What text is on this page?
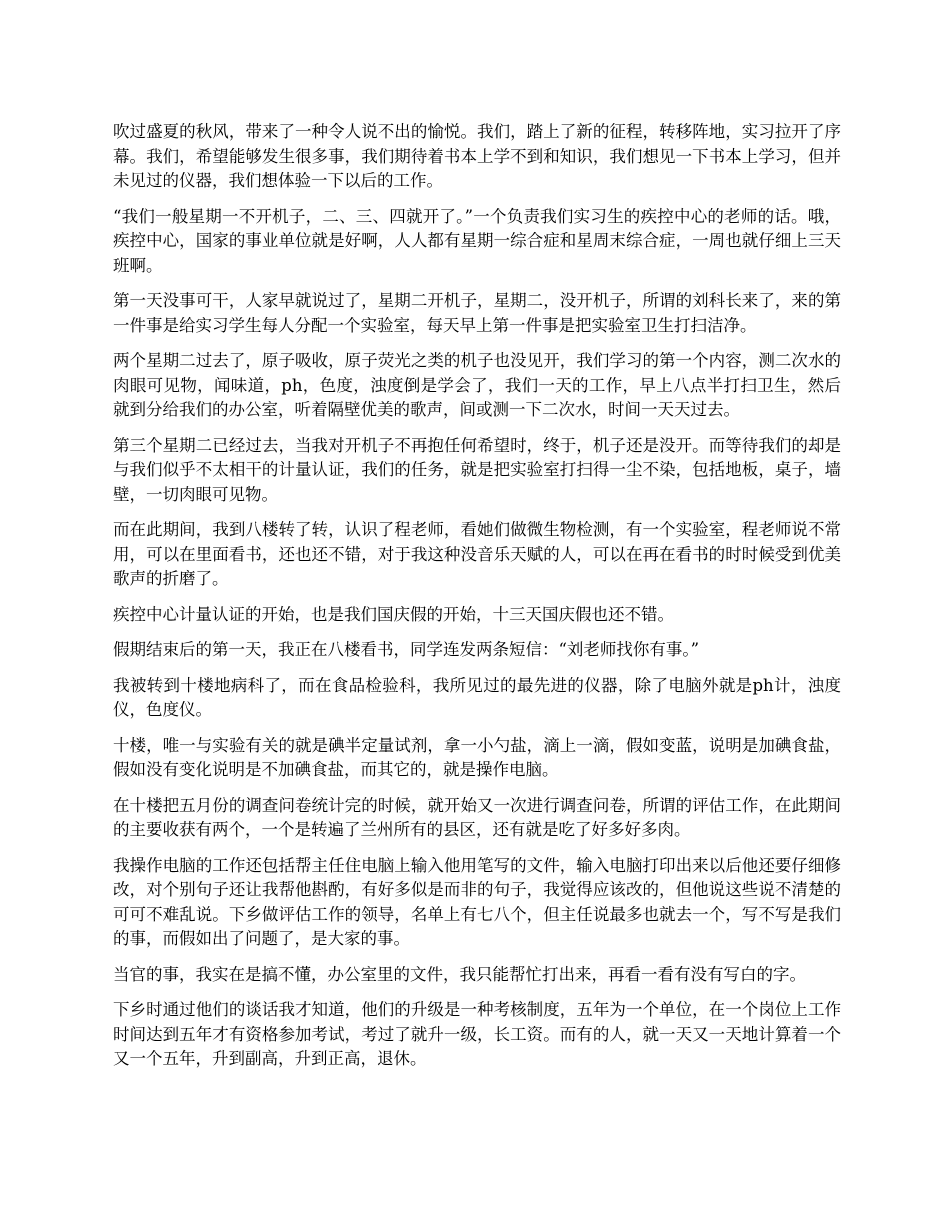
吹过盛夏的秋风，带来了一种令人说不出的愉悦。我们，踏上了新的征程，转移阵地，实习拉开了序幕。我们，希望能够发生很多事，我们期待着书本上学不到和知识，我们想见一下书本上学习，但并未见过的仪器，我们想体验一下以后的工作。

“我们一般星期一不开机子，二、三、四就开了。”一个负责我们实习生的疾控中心的老师的话。哦，疾控中心，国家的事业单位就是好啊，人人都有星期一综合症和星周末综合症，一周也就仔细上三天班啊。

第一天没事可干，人家早就说过了，星期二开机子，星期二，没开机子，所谓的刘科长来了，来的第一件事是给实习学生每人分配一个实验室，每天早上第一件事是把实验室卫生打扫洁净。

两个星期二过去了，原子吸收，原子荧光之类的机子也没见开，我们学习的第一个内容，测二次水的肉眼可见物，闻味道，ph，色度，浊度倒是学会了，我们一天的工作，早上八点半打扫卫生，然后就到分给我们的办公室，听着隔壁优美的歌声，间或测一下二次水，时间一天天过去。

第三个星期二已经过去，当我对开机子不再抱任何希望时，终于，机子还是没开。而等待我们的却是与我们似乎不太相干的计量认证，我们的任务，就是把实验室打扫得一尘不染，包括地板，桌子，墙壁，一切肉眼可见物。

而在此期间，我到八楼转了转，认识了程老师，看她们做微生物检测，有一个实验室，程老师说不常用，可以在里面看书，还也还不错，对于我这种没音乐天赋的人，可以在再在看书的时时候受到优美歌声的折磨了。

疾控中心计量认证的开始，也是我们国庆假的开始，十三天国庆假也还不错。

假期结束后的第一天，我正在八楼看书，同学连发两条短信：“刘老师找你有事。”

我被转到十楼地病科了，而在食品检验科，我所见过的最先进的仪器，除了电脑外就是ph计，浊度仪，色度仪。

十楼，唯一与实验有关的就是碘半定量试剂，拿一小勺盐，滴上一滴，假如变蓝，说明是加碘食盐，假如没有变化说明是不加碘食盐，而其它的，就是操作电脑。

在十楼把五月份的调查问卷统计完的时候，就开始又一次进行调查问卷，所谓的评估工作，在此期间的主要收获有两个，一个是转遍了兰州所有的县区，还有就是吃了好多好多肉。

我操作电脑的工作还包括帮主任住电脑上输入他用笔写的文件，输入电脑打印出来以后他还要仔细修改，对个别句子还让我帮他斟酌，有好多似是而非的句子，我觉得应该改的，但他说这些说不清楚的可可不难乱说。下乡做评估工作的领导，名单上有七八个，但主任说最多也就去一个，写不写是我们的事，而假如出了问题了，是大家的事。

当官的事，我实在是搞不懂，办公室里的文件，我只能帮忙打出来，再看一看有没有写白的字。

下乡时通过他们的谈话我才知道，他们的升级是一种考核制度，五年为一个单位，在一个岗位上工作时间达到五年才有资格参加考试，考过了就升一级，长工资。而有的人，就一天又一天地计算着一个又一个五年，升到副高，升到正高，退休。
